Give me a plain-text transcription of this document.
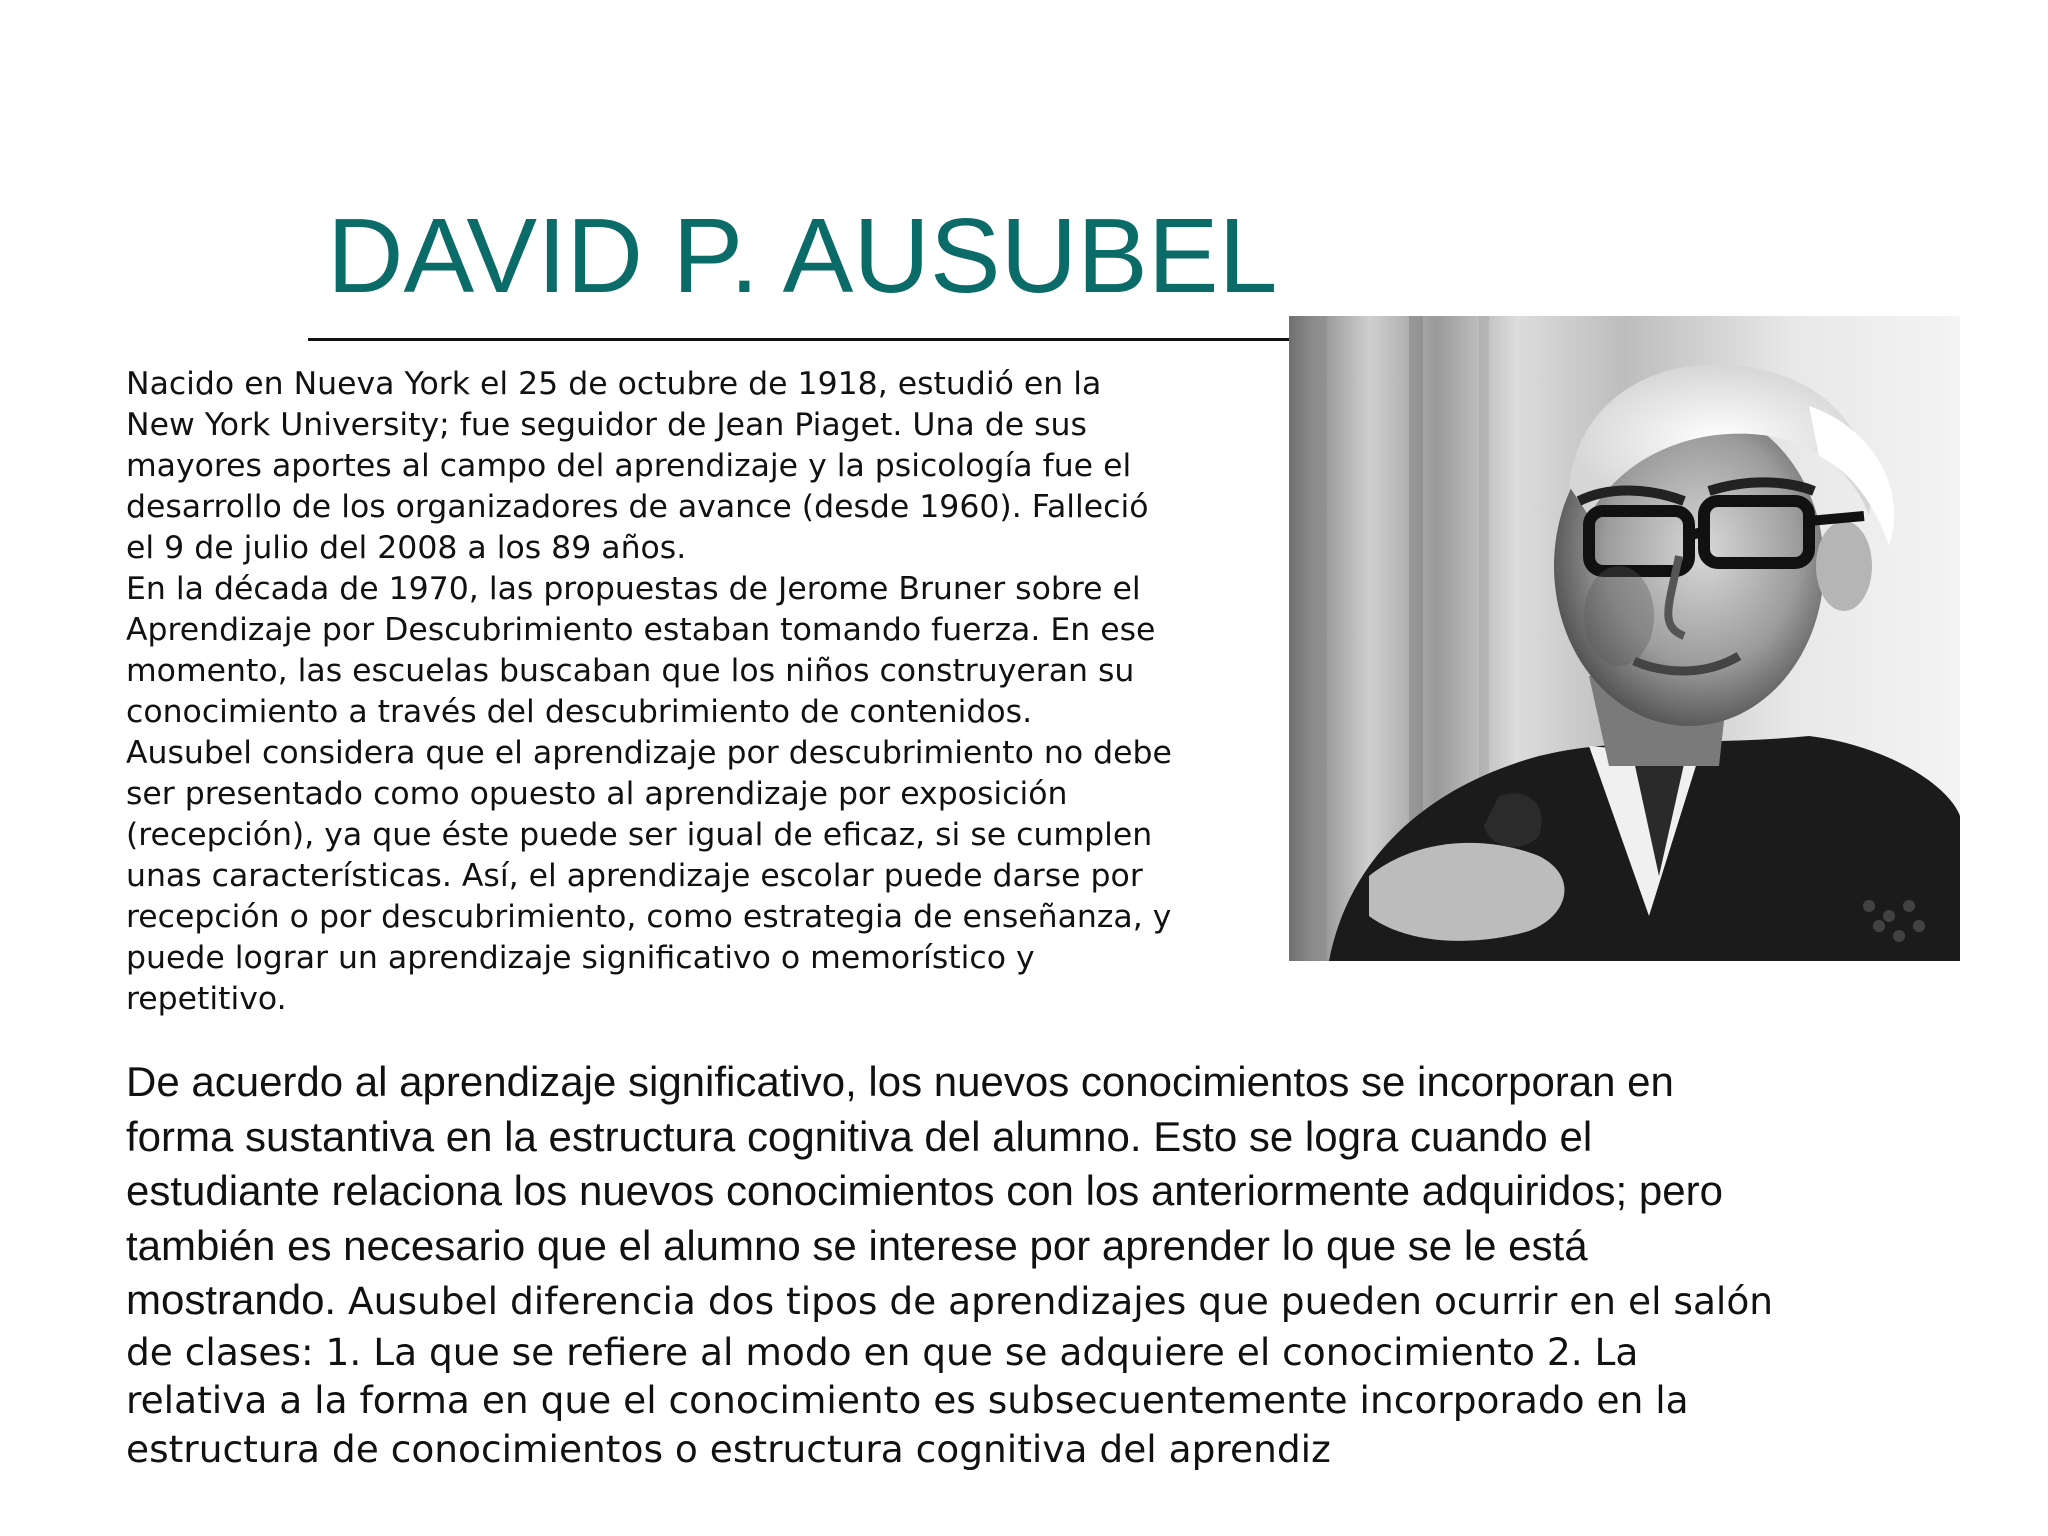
DAVID P. AUSUBEL

Nacido en Nueva York el 25 de octubre de 1918, estudió en la
New York University; fue seguidor de Jean Piaget. Una de sus
mayores aportes al campo del aprendizaje y la psicología fue el
desarrollo de los organizadores de avance (desde 1960). Falleció
el 9 de julio del 2008 a los 89 años.

En la década de 1970, las propuestas de Jerome Bruner sobre el
Aprendizaje por Descubrimiento estaban tomando fuerza. En ese
momento, las escuelas buscaban que los niños construyeran su
conocimiento a través del descubrimiento de contenidos.

Ausubel considera que el aprendizaje por descubrimiento no debe
ser presentado como opuesto al aprendizaje por exposición
(recepción), ya que éste puede ser igual de eficaz, si se cumplen
unas características. Así, el aprendizaje escolar puede darse por
recepción o por descubrimiento, como estrategia de enseñanza, y
puede lograr un aprendizaje significativo o memorístico y
repetitivo.

De acuerdo al aprendizaje significativo, los nuevos conocimientos se incorporan en
forma sustantiva en la estructura cognitiva del alumno. Esto se logra cuando el
estudiante relaciona los nuevos conocimientos con los anteriormente adquiridos; pero
también es necesario que el alumno se interese por aprender lo que se le está
mostrando. Ausubel diferencia dos tipos de aprendizajes que pueden ocurrir en el salón
de clases: 1. La que se refiere al modo en que se adquiere el conocimiento 2. La
relativa a la forma en que el conocimiento es subsecuentemente incorporado en la
estructura de conocimientos o estructura cognitiva del aprendiz
